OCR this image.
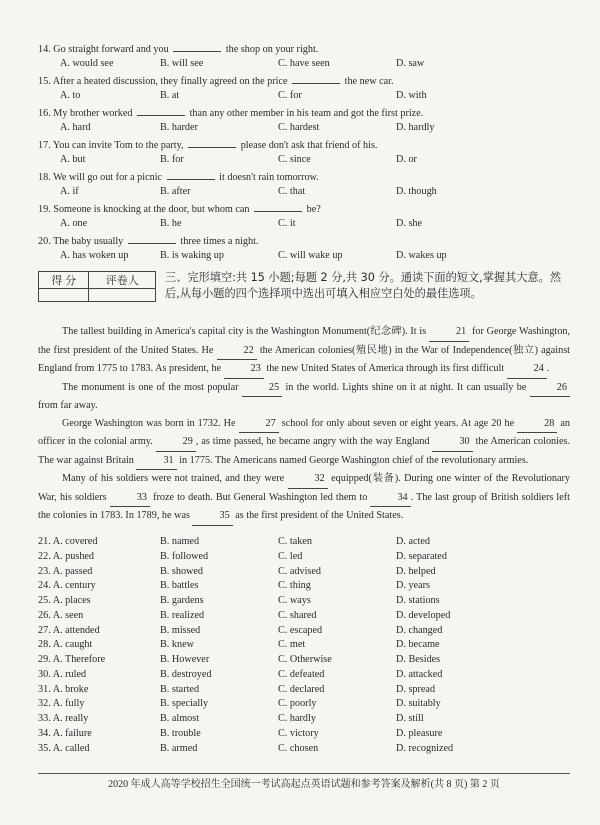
14. Go straight forward and you	the shop on your right.
A. would see	B. will see	C. have seen	D. saw
15. After a heated discussion, they finally agreed on the price	the new car.
A. to	B. at	C. for	D. with
16. My brother worked	than any other member in his team and got the first prize.
A. hard	B. harder	C. hardest	D. hardly
17. You can invite Tom to the party,	please don't ask that friend of his.
A. but	B. for	C. since	D. or
18. We will go out for a picnic	it doesn't rain tomorrow.
A. if	B. after	C. that	D. though
19. Someone is knocking at the door, but whom can	be?
A. one	B. he	C. it	D. she
20. The baby usually	three times a night.
A. has woken up	B. is waking up	C. will wake up	D. wakes up
得 分	评卷人
	三、完形填空:共 15 小题;每题 2 分,共 30 分。通读下面的短文,掌握其大意。然后,从每小题的四个选择项中选出可填入相应空白处的最佳选项。

The tallest building in America's capital city is the Washington Monument(纪念碑). It is	21 for George Washington, the first president of the United States. He	22 the American colonies(殖民地) in the War of Independence(独立) against England from 1775 to 1783. As president, he	23 the new United States of America through its first difficult	24 .

The monument is one of the most popular	25 in the world. Lights shine on it at night. It can usually be	26 from far away.

George Washington was born in 1732. He	27 school for only about seven or eight years. At age 20 he	28 an officer in the colonial army.	29 , as time passed, he became angry with the way England	30 the American colonies. The war against Britain	31 in 1775. The Americans named George Washington chief of the revolutionary armies.

Many of his soldiers were not trained, and they were	32 equipped(装备). During one winter of the Revolutionary War, his soldiers	33 froze to death. But General Washington led them to	34 . The last group of British soldiers left the colonies in 1783. In 1789, he was	35 as the first president of the United States.

21. A. covered	B. named	C. taken	D. acted
22. A. pushed	B. followed	C. led	D. separated
23. A. passed	B. showed	C. advised	D. helped
24. A. century	B. battles	C. thing	D. years
25. A. places	B. gardens	C. ways	D. stations
26. A. seen	B. realized	C. shared	D. developed
27. A. attended	B. missed	C. escaped	D. changed
28. A. caught	B. knew	C. met	D. became
29. A. Therefore	B. However	C. Otherwise	D. Besides
30. A. ruled	B. destroyed	C. defeated	D. attacked
31. A. broke	B. started	C. declared	D. spread
32. A. fully	B. specially	C. poorly	D. suitably
33. A. really	B. almost	C. hardly	D. still
34. A. failure	B. trouble	C. victory	D. pleasure
35. A. called	B. armed	C. chosen	D. recognized
2020 年成人高等学校招生全国统一考试高起点英语试题和参考答案及解析(共 8 页) 第 2 页
